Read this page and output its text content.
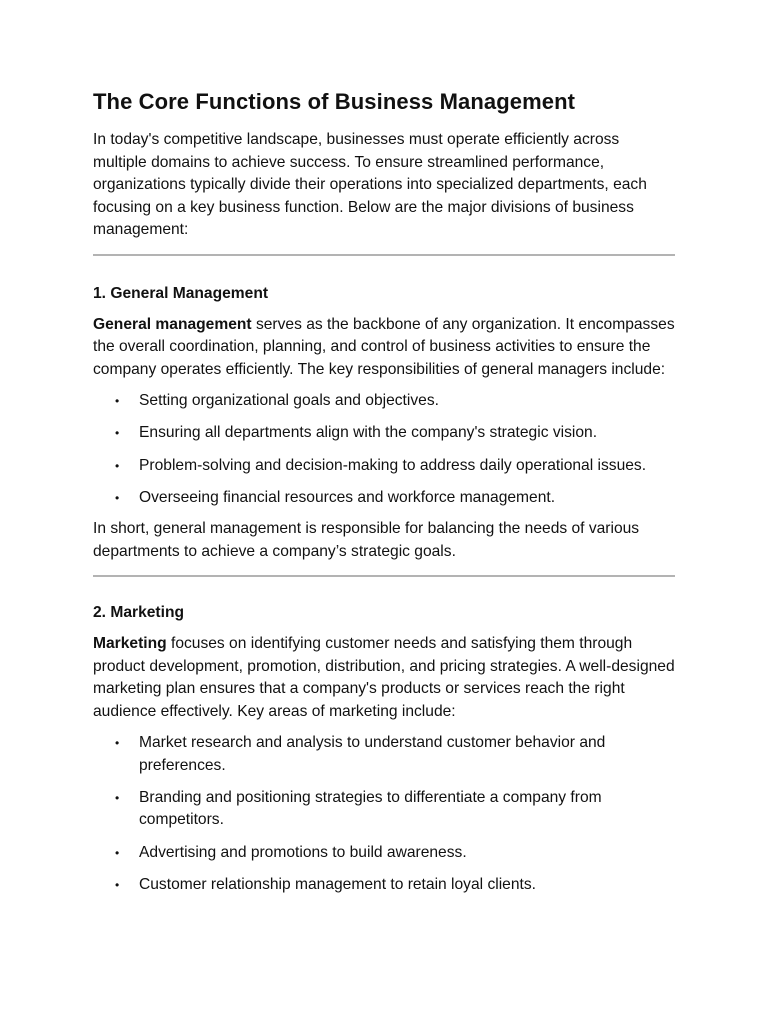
The Core Functions of Business Management

In today's competitive landscape, businesses must operate efficiently across multiple domains to achieve success. To ensure streamlined performance, organizations typically divide their operations into specialized departments, each focusing on a key business function. Below are the major divisions of business management:

1. General Management

General management serves as the backbone of any organization. It encompasses the overall coordination, planning, and control of business activities to ensure the company operates efficiently. The key responsibilities of general managers include:

• Setting organizational goals and objectives.
• Ensuring all departments align with the company's strategic vision.
• Problem-solving and decision-making to address daily operational issues.
• Overseeing financial resources and workforce management.

In short, general management is responsible for balancing the needs of various departments to achieve a company’s strategic goals.

2. Marketing

Marketing focuses on identifying customer needs and satisfying them through product development, promotion, distribution, and pricing strategies. A well-designed marketing plan ensures that a company's products or services reach the right audience effectively. Key areas of marketing include:

• Market research and analysis to understand customer behavior and preferences.
• Branding and positioning strategies to differentiate a company from competitors.
• Advertising and promotions to build awareness.
• Customer relationship management to retain loyal clients.
